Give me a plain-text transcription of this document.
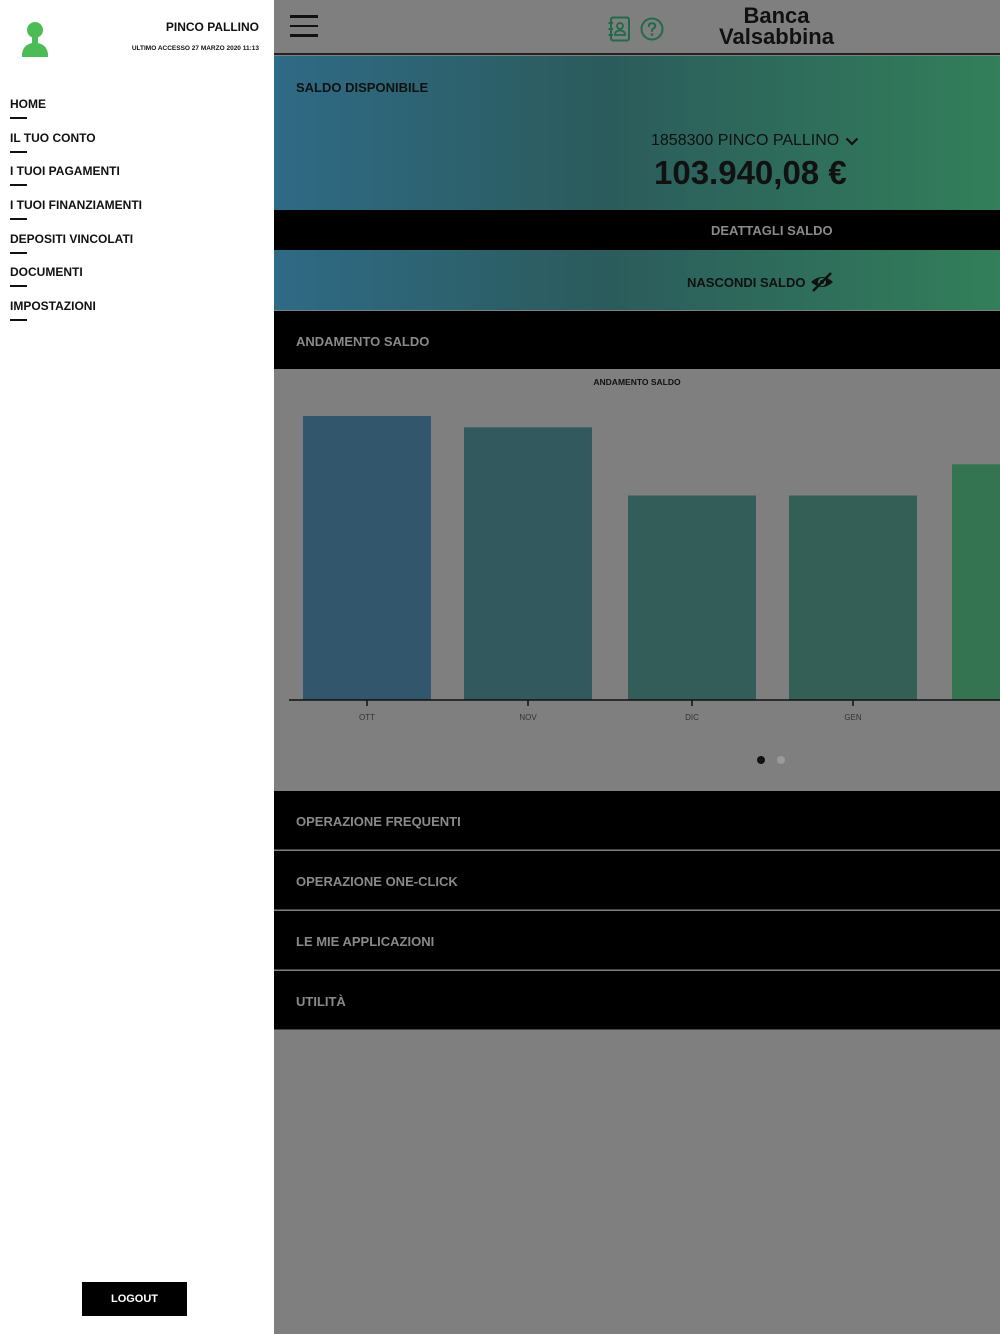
PINCO PALLINO
ULTIMO ACCESSO 27 MARZO 2020 11:13
HOME
IL TUO CONTO
I TUOI PAGAMENTI
I TUOI FINANZIAMENTI
DEPOSITI VINCOLATI
DOCUMENTI
IMPOSTAZIONI
LOGOUT
Banca
Valsabbina
SALDO DISPONIBILE
1858300 PINCO PALLINO
103.940,08 €
DEATTAGLI SALDO
NASCONDI SALDO
ANDAMENTO SALDO
ANDAMENTO SALDO
OTT	NOV	DIC	GEN
OPERAZIONE FREQUENTI
OPERAZIONE ONE-CLICK
LE MIE APPLICAZIONI
UTILITÀ
